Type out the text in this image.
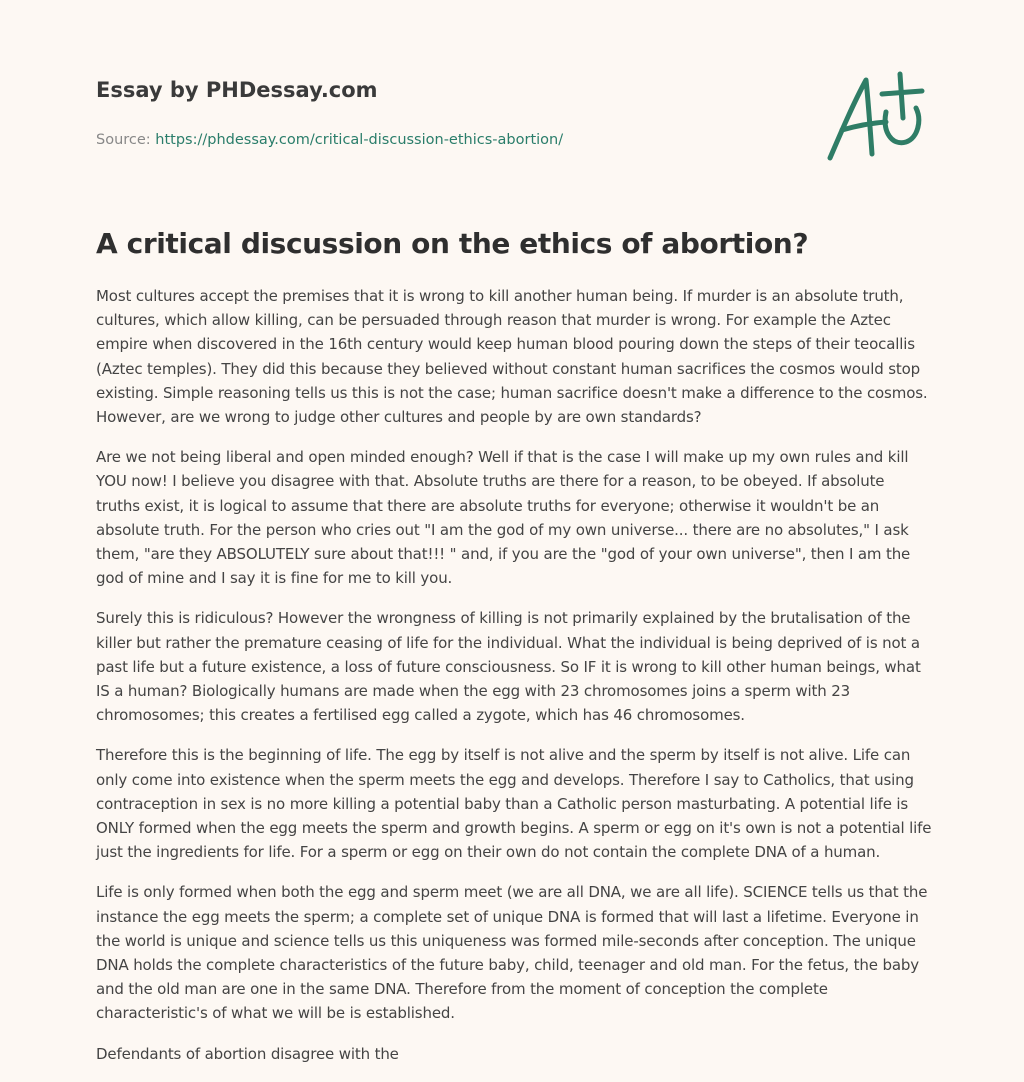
Essay by PHDessay.com
Source: https://phdessay.com/critical-discussion-ethics-abortion/
A critical discussion on the ethics of abortion?

Most cultures accept the premises that it is wrong to kill another human being. If murder is an absolute truth, cultures, which allow killing, can be persuaded through reason that murder is wrong. For example the Aztec empire when discovered in the 16th century would keep human blood pouring down the steps of their teocallis (Aztec temples). They did this because they believed without constant human sacrifices the cosmos would stop existing. Simple reasoning tells us this is not the case; human sacrifice doesn't make a difference to the cosmos. However, are we wrong to judge other cultures and people by are own standards?

Are we not being liberal and open minded enough? Well if that is the case I will make up my own rules and kill YOU now! I believe you disagree with that. Absolute truths are there for a reason, to be obeyed. If absolute truths exist, it is logical to assume that there are absolute truths for everyone; otherwise it wouldn't be an absolute truth. For the person who cries out "I am the god of my own universe... there are no absolutes," I ask them, "are they ABSOLUTELY sure about that!!! " and, if you are the "god of your own universe", then I am the god of mine and I say it is fine for me to kill you.

Surely this is ridiculous? However the wrongness of killing is not primarily explained by the brutalisation of the killer but rather the premature ceasing of life for the individual. What the individual is being deprived of is not a past life but a future existence, a loss of future consciousness. So IF it is wrong to kill other human beings, what IS a human? Biologically humans are made when the egg with 23 chromosomes joins a sperm with 23 chromosomes; this creates a fertilised egg called a zygote, which has 46 chromosomes.

Therefore this is the beginning of life. The egg by itself is not alive and the sperm by itself is not alive. Life can only come into existence when the sperm meets the egg and develops. Therefore I say to Catholics, that using contraception in sex is no more killing a potential baby than a Catholic person masturbating. A potential life is ONLY formed when the egg meets the sperm and growth begins. A sperm or egg on it's own is not a potential life just the ingredients for life. For a sperm or egg on their own do not contain the complete DNA of a human.

Life is only formed when both the egg and sperm meet (we are all DNA, we are all life). SCIENCE tells us that the instance the egg meets the sperm; a complete set of unique DNA is formed that will last a lifetime. Everyone in the world is unique and science tells us this uniqueness was formed mile-seconds after conception. The unique DNA holds the complete characteristics of the future baby, child, teenager and old man. For the fetus, the baby and the old man are one in the same DNA. Therefore from the moment of conception the complete characteristic's of what we will be is established.

Defendants of abortion disagree with the
